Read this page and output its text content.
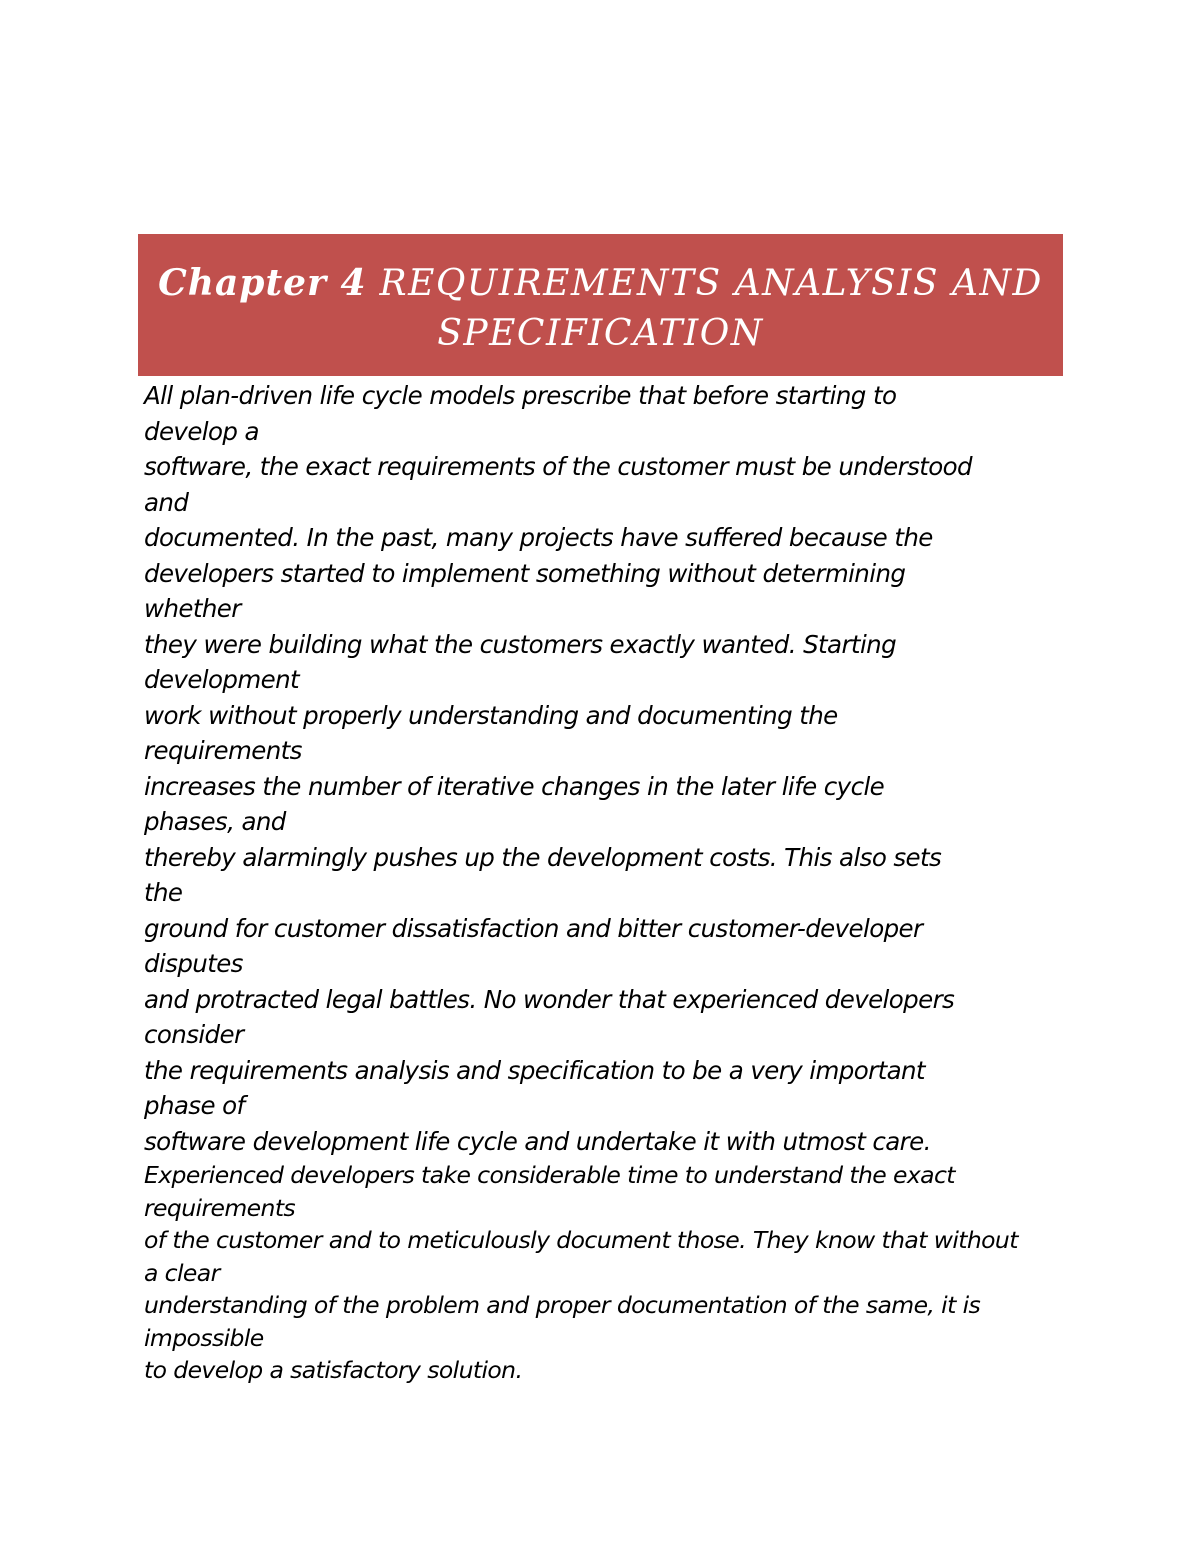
Chapter 4 REQUIREMENTS ANALYSIS AND SPECIFICATION
All plan-driven life cycle models prescribe that before starting to
develop a
software, the exact requirements of the customer must be understood
and
documented. In the past, many projects have suffered because the
developers started to implement something without determining
whether
they were building what the customers exactly wanted. Starting
development
work without properly understanding and documenting the
requirements
increases the number of iterative changes in the later life cycle
phases, and
thereby alarmingly pushes up the development costs. This also sets
the
ground for customer dissatisfaction and bitter customer-developer
disputes
and protracted legal battles. No wonder that experienced developers
consider
the requirements analysis and specification to be a very important
phase of
software development life cycle and undertake it with utmost care.
Experienced developers take considerable time to understand the exact
requirements
of the customer and to meticulously document those. They know that without
a clear
understanding of the problem and proper documentation of the same, it is
impossible
to develop a satisfactory solution.
